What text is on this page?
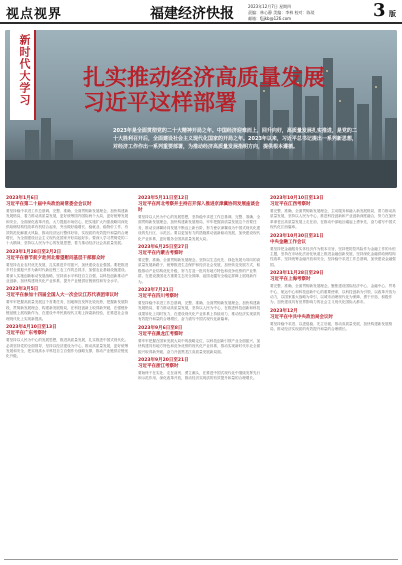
视点视界	福建经济快报	2023年12月7日 星期四
责编：林心静 美编：李林 校对：陈琰
邮箱：fjjjkb@126.com	3 版
新时代大学习 扎实推动经济高质量发展
习近平这样部署

2023年是全面贯彻党的二十大精神开局之年。中国经济迎难而上，回升向好，高质量发展扎实推进，是党的二十大胜利召开后，全面建设社会主义现代化国家的开局之年。2023年以来，习近平总书记提出一系列新思想，对经济工作作出一系列重要部署，为推动经济高质量发展指明方向，提供根本遵循。

2023年1月6日
习近平在第二十届中央政治局常委会会议时
要坚持稳中求进工作总基调，完整、准确、全面贯彻新发展理念，加快构建新发展格局，着力推动高质量发展，更好统筹国内国际两个大局，更好统筹发展和安全，全面深化改革开放，大力提振市场信心，把实施扩大内需战略同深化供给侧结构性改革有机结合起来，突出做好稳增长、稳就业、稳物价工作，有效防范化解重大风险，推动经济运行整体好转，实现质的有效提升和量的合理增长，为全面建设社会主义现代化国家开好局起好步。要深入学习贯彻党的二十大精神，坚持以人民为中心的发展思想，着力推动经济社会高质量发展。
2023年1月28日至2月2日
习近平在春节前夕赴河北看望慰问基层干部群众时
要坚持农业农村优先发展，扎实推进乡村振兴，加快建设农业强国。要把推进乡村全面振兴作为新时代新征程三农工作的总抓手，加强农业基础设施建设。要深入实施创新驱动发展战略，坚持高水平科技自立自强，以科技创新推动产业创新，加快构建现代化产业体系，提升产业链供应链韧性和安全水平。
2023年3月5日
习近平在参加十四届全国人大一次会议江苏代表团审议时
要牢牢把握高质量发展这个首要任务，因地制宜发挥比较优势，把握新发展阶段、贯彻新发展理念、构建新发展格局，在科技创新上取得新突破，在强链补链延链上展现新作为，在建设中华民族现代文明上探索新经验，在推进社会治理现代化上实现新提高。
2023年4月10日至13日
习近平在广东考察时
要坚持以人民为中心的发展思想，推进高质量发展，扎实推进中国式现代化。必须坚持党的全面领导，坚持以经济建设为中心，推动高质量发展，更好统筹发展和安全，把实现高水平科技自立自强作为战略支撑，推动产业链供应链优化升级。
2023年5月11日至12日
习近平在河北考察并主持召开深入推进京津冀协同发展座谈会时
要坚持以人民为中心的发展思想，坚持稳中求进工作总基调，完整、准确、全面贯彻新发展理念，加快构建新发展格局，牢牢把握高质量发展这个首要任务，推动京津冀协同发展不断迈上新台阶，努力使京津冀成为中国式现代化建设的先行区、示范区。要以更加有力的措施推动创新驱动发展，加快建设现代化产业体系，更好服务全国高质量发展大局。
2023年6月25日至27日
习近平在内蒙古考察时
要完整、准确、全面贯彻新发展理念，坚持以生态优先、绿色发展为导向的高质量发展新路子，统筹推进生态保护和经济社会发展，加快转变发展方式，积极推动产业结构优化升级，努力打造一批具有地方特色和竞争优势的产业集群，在建设我国北方重要生态安全屏障、祖国北疆安全稳定屏障上展现新作为。
2023年7月21日
习近平在四川考察时
要坚持稳中求进工作总基调，完整、准确、全面贯彻新发展理念，加快构建新发展格局，着力推动高质量发展，坚持以人民为中心，在推进科技创新和科技成果转化上同时发力，在建设现代化产业体系上持续用力，推动经济实现质的有效提升和量的合理增长，奋力谱写中国式现代化新篇章。
2023年9月6日至8日
习近平在黑龙江考察时
要牢牢把握在国家发展大局中的战略定位，以科技创新引领产业全面振兴，加快构建具有地方特色和竞争优势的现代化产业体系，推动实现新时代东北全面振兴取得新突破，奋力开创黑龙江高质量发展新局面。
2023年9月20日至21日
习近平在浙江考察时
要始终干在实处、走在前列、勇立潮头，在推进中国式现代化中继续发挥先行和示范作用，深化改革开放，推动经济实现质的有效提升和量的合理增长。
2023年10月10日至13日
习近平在江西考察时
要完整、准确、全面贯彻新发展理念，主动服务和融入新发展格局，着力推动高质量发展，坚持以人民为中心，推进科技创新和产业创新深度融合，努力在加快革命老区高质量发展上走在前，在推动中部地区崛起上勇争先，奋力谱写中国式现代化江西篇章。
2023年10月30日至31日
中央金融工作会议
要坚持把金融服务实体经济作为根本宗旨，坚持把防控风险作为金融工作的永恒主题，坚持在市场化法治化轨道上推进金融创新发展，坚持深化金融供给侧结构性改革，坚持统筹金融开放和安全，坚持稳中求进工作总基调，加快建设金融强国。
2023年11月28日至29日
习近平在上海考察时
要完整、准确、全面贯彻新发展理念，聚焦建设国际经济中心、金融中心、贸易中心、航运中心和科技创新中心的重要使命，以科技创新为引领，以改革开放为动力，以国家重大战略为牵引，以城市治理现代化为保障，勇于开拓、积极作为，加快建成具有世界影响力的社会主义现代化国际大都市。
2023年12月
习近平在中共中央政治局会议时
要坚持稳中求进、以进促稳、先立后破，推动高质量发展，加快构建新发展格局，推动经济实现质的有效提升和量的合理增长。
